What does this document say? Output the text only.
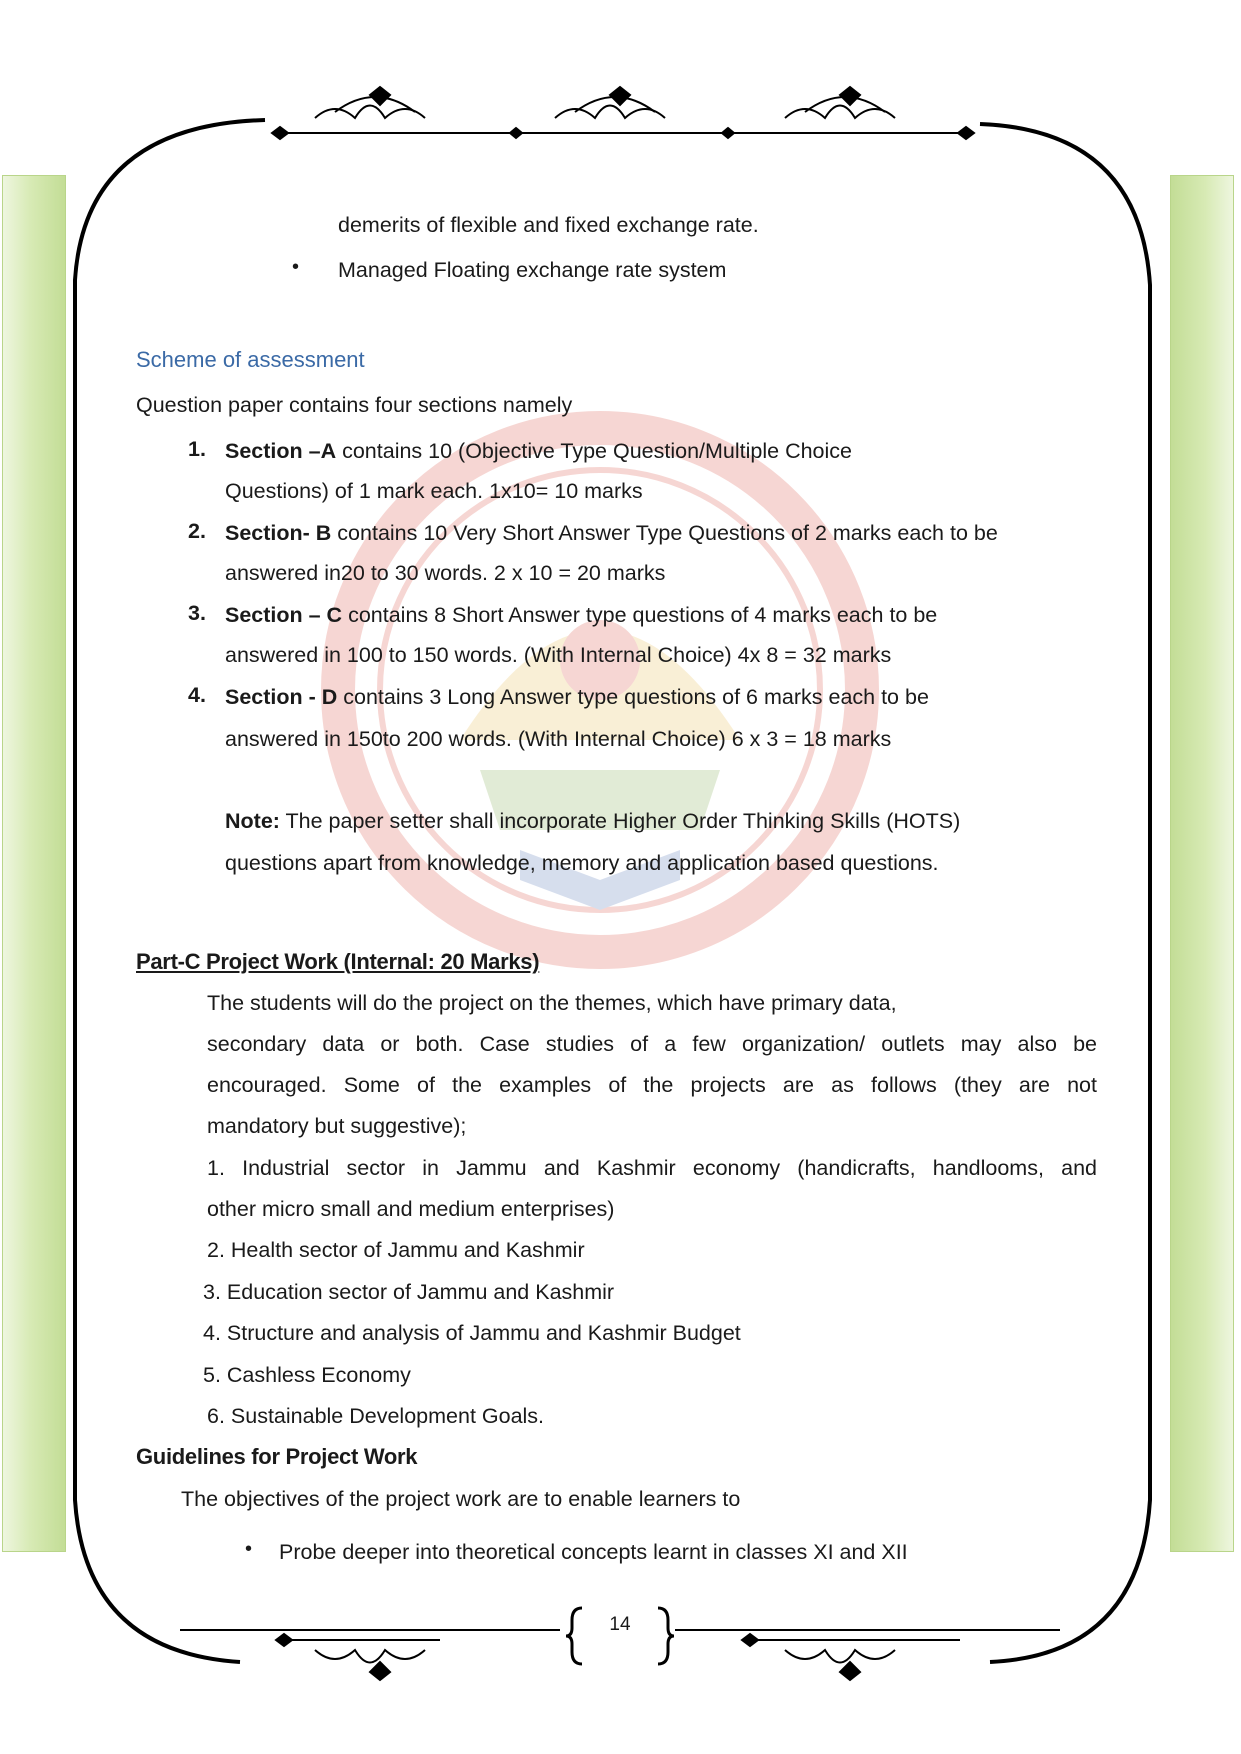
demerits of flexible and fixed exchange rate.
• Managed Floating exchange rate system
Scheme of assessment
Question paper contains four sections namely
1. Section –A contains 10 (Objective Type Question/Multiple Choice
Questions) of 1 mark each. 1x10= 10 marks
2. Section- B contains 10 Very Short Answer Type Questions of 2 marks each to be
answered in20 to 30 words. 2 x 10 = 20 marks
3. Section – C contains 8 Short Answer type questions of 4 marks each to be
answered in 100 to 150 words. (With Internal Choice) 4x 8 = 32 marks
4. Section - D contains 3 Long Answer type questions of 6 marks each to be
answered in 150to 200 words. (With Internal Choice) 6 x 3 = 18 marks
Note: The paper setter shall incorporate Higher Order Thinking Skills (HOTS)
questions apart from knowledge, memory and application based questions.
Part-C Project Work (Internal: 20 Marks)
The students will do the project on the themes, which have primary data,
secondary data or both. Case studies of a few organization/ outlets may also be
encouraged. Some of the examples of the projects are as follows (they are not
mandatory but suggestive);
1. Industrial sector in Jammu and Kashmir economy (handicrafts, handlooms, and
other micro small and medium enterprises)
2. Health sector of Jammu and Kashmir
3. Education sector of Jammu and Kashmir
4. Structure and analysis of Jammu and Kashmir Budget
5. Cashless Economy
6. Sustainable Development Goals.
Guidelines for Project Work
The objectives of the project work are to enable learners to
• Probe deeper into theoretical concepts learnt in classes XI and XII
14
